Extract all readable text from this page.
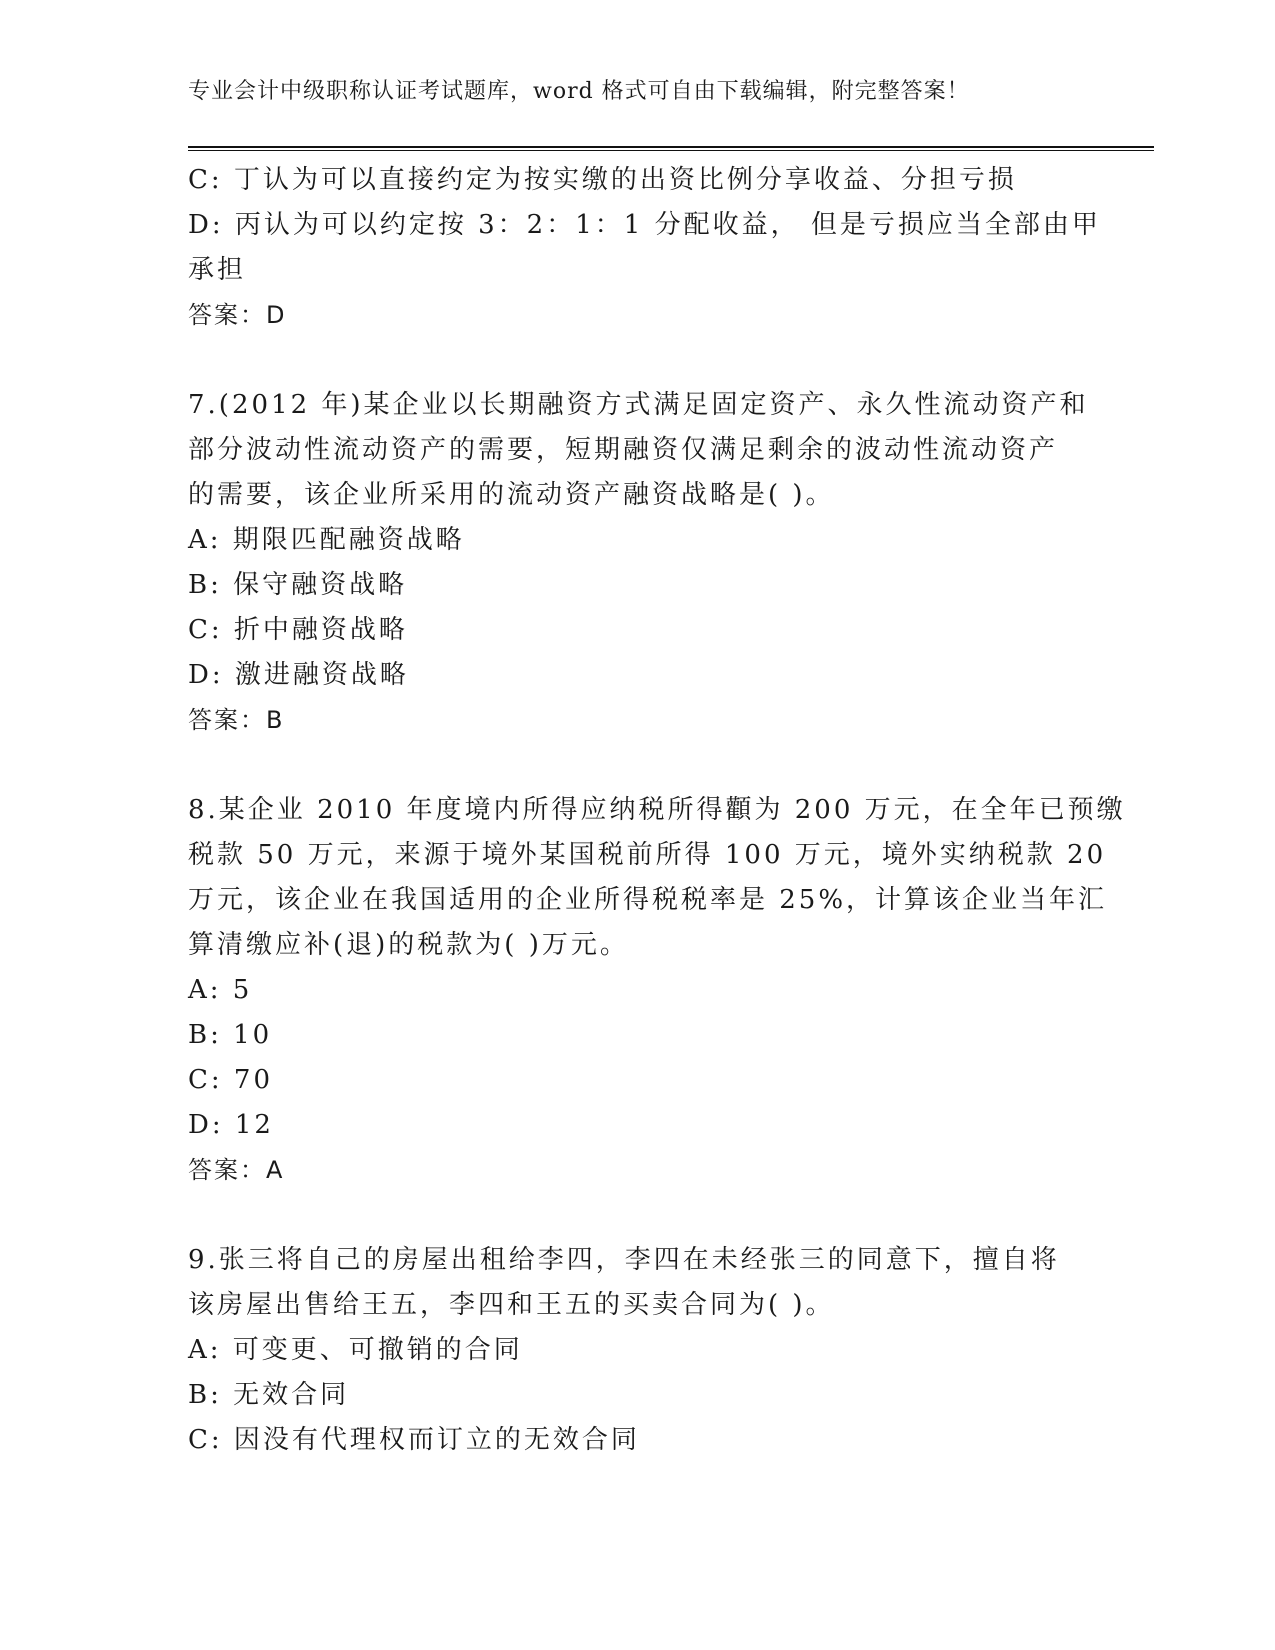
专业会计中级职称认证考试题库，word 格式可自由下载编辑，附完整答案！
C: 丁认为可以直接约定为按实缴的出资比例分享收益、分担亏损
D: 丙认为可以约定按 3：2：1：1 分配收益， 但是亏损应当全部由甲
承担
答案：D
7.(2012 年)某企业以长期融资方式满足固定资产、永久性流动资产和
部分波动性流动资产的需要，短期融资仅满足剩余的波动性流动资产
的需要，该企业所采用的流动资产融资战略是( )。
A: 期限匹配融资战略
B: 保守融资战略
C: 折中融资战略
D: 激进融资战略
答案：B
8.某企业 2010 年度境内所得应纳税所得顴为 200 万元，在全年已预缴
税款 50 万元，来源于境外某国税前所得 100 万元，境外实纳税款 20
万元，该企业在我国适用的企业所得税税率是 25%，计算该企业当年汇
算清缴应补(退)的税款为( )万元。
A: 5
B: 10
C: 70
D: 12
答案：A
9.张三将自己的房屋出租给李四，李四在未经张三的同意下，擅自将
该房屋出售给王五，李四和王五的买卖合同为( )。
A: 可变更、可撤销的合同
B: 无效合同
C: 因没有代理权而订立的无效合同
